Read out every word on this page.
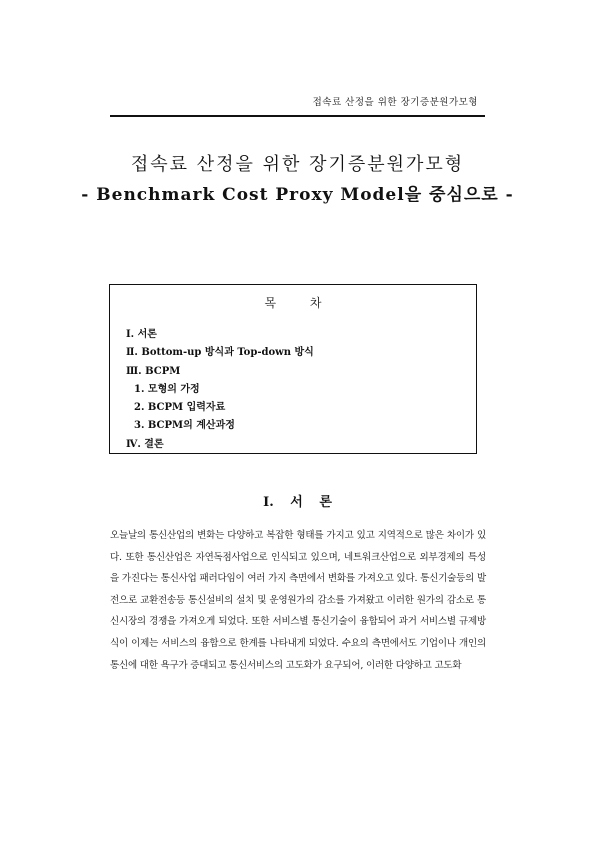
접속료 산정을 위한 장기증분원가모형
접속료 산정을 위한 장기증분원가모형
- Benchmark Cost Proxy Model을 중심으로 -
목 차
Ⅰ. 서론
Ⅱ. Bottom-up 방식과 Top-down 방식
Ⅲ. BCPM
1. 모형의 가정
2. BCPM 입력자료
3. BCPM의 계산과정
Ⅳ. 결론
Ⅰ. 서 론

오늘날의 통신산업의 변화는 다양하고 복잡한 형태를 가지고 있고 지역적으로 많은 차이가 있다. 또한 통신산업은 자연독점사업으로 인식되고 있으며, 네트워크산업으로 외부경제의 특성을 가진다는 통신사업 패러다임이 여러 가지 측면에서 변화를 가져오고 있다. 통신기술등의 발전으로 교환전송등 통신설비의 설치 및 운영원가의 감소를 가져왔고 이러한 원가의 감소로 통신시장의 경쟁을 가져오게 되었다. 또한 서비스별 통신기술이 융합되어 과거 서비스별 규제방식이 이제는 서비스의 융합으로 한계를 나타내게 되었다. 수요의 측면에서도 기업이나 개인의 통신에 대한 욕구가 증대되고 통신서비스의 고도화가 요구되어, 이러한 다양하고 고도화
